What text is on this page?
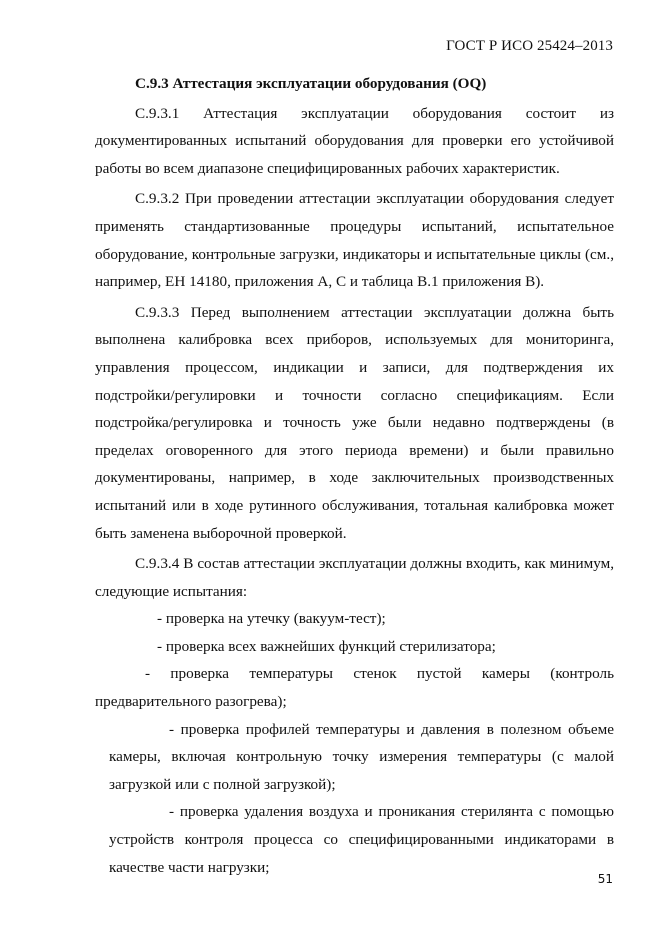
ГОСТ Р ИСО 25424–2013

С.9.3 Аттестация эксплуатации оборудования (OQ)

С.9.3.1 Аттестация эксплуатации оборудования состоит из документированных испытаний оборудования для проверки его устойчивой работы во всем диапазоне специфицированных рабочих характеристик.

С.9.3.2 При проведении аттестации эксплуатации оборудования следует применять стандартизованные процедуры испытаний, испытательное оборудование, контрольные загрузки, индикаторы и испытательные циклы (см., например, ЕН 14180, приложения А, С и таблица В.1 приложения В).

С.9.3.3 Перед выполнением аттестации эксплуатации должна быть выполнена калибровка всех приборов, используемых для мониторинга, управления процессом, индикации и записи, для подтверждения их подстройки/регулировки и точности согласно спецификациям. Если подстройка/регулировка и точность уже были недавно подтверждены (в пределах оговоренного для этого периода времени) и были правильно документированы, например, в ходе заключительных производственных испытаний или в ходе рутинного обслуживания, тотальная калибровка может быть заменена выборочной проверкой.

С.9.3.4 В состав аттестации эксплуатации должны входить, как минимум, следующие испытания:

- проверка на утечку (вакуум-тест);

- проверка всех важнейших функций стерилизатора;

- проверка температуры стенок пустой камеры (контроль предварительного разогрева);

- проверка профилей температуры и давления в полезном объеме камеры, включая контрольную точку измерения температуры (с малой загрузкой или с полной загрузкой);

- проверка удаления воздуха и проникания стерилянта с помощью устройств контроля процесса со специфицированными индикаторами в качестве части нагрузки;

51
